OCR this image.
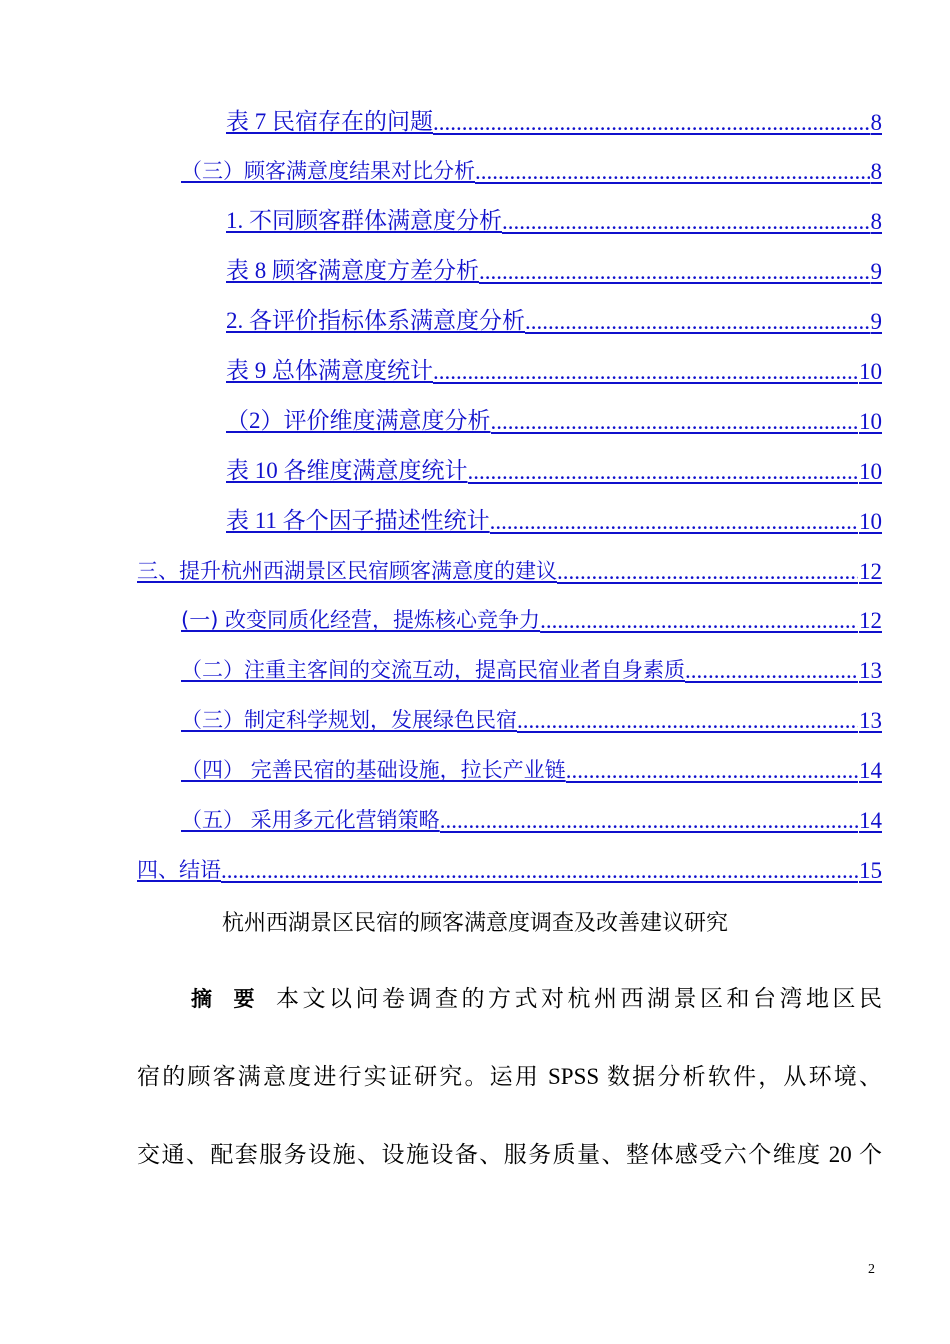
表 7 民宿存在的问题 .....	8
（三）顾客满意度结果对比分析 .....	8
1. 不同顾客群体满意度分析 .....	8
表 8 顾客满意度方差分析 .....	9
2. 各评价指标体系满意度分析 .....	9
表 9 总体满意度统计 .....	10
（2）评价维度满意度分析 .....	10
表 10 各维度满意度统计 .....	10
表 11 各个因子描述性统计 .....	10
三、提升杭州西湖景区民宿顾客满意度的建议 .....	12
(一) 改变同质化经营，提炼核心竞争力 .....	12
（二）注重主客间的交流互动，提高民宿业者自身素质 .....	13
（三）制定科学规划，发展绿色民宿 .....	13
（四） 完善民宿的基础设施，拉长产业链 .....	14
（五） 采用多元化营销策略 .....	14
四、结语 .....	15
杭州西湖景区民宿的顾客满意度调查及改善建议研究
摘要本文以问卷调查的方式对杭州西湖景区和台湾地区民
宿的顾客满意度进行实证研究。运用 SPSS 数据分析软件，从环境、
交通、配套服务设施、设施设备、服务质量、整体感受六个维度 20 个
2
